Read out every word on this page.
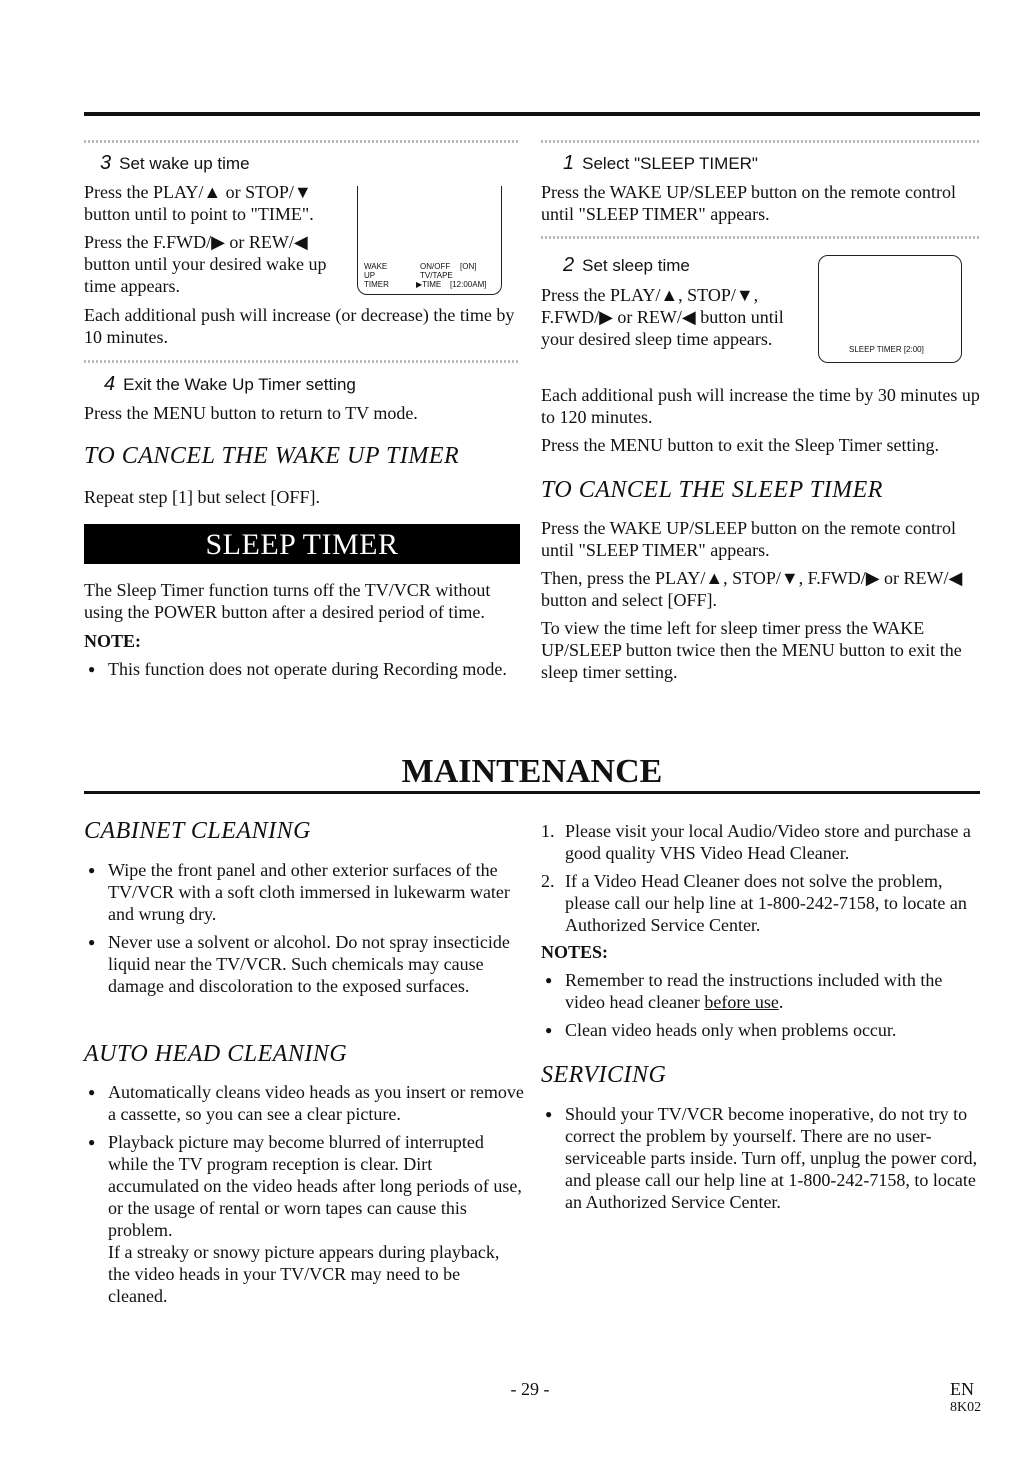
3 Set wake up time

Press the PLAY/▲ or STOP/▼ button until to point to "TIME".

Press the F.FWD/▶ or REW/◀ button until your desired wake up time appears.

WAKE UP TIMER
ON/OFF [ON]
TV/TAPE
▶TIME [12:00AM]

Each additional push will increase (or decrease) the time by 10 minutes.

4 Exit the Wake Up Timer setting
Press the MENU button to return to TV mode.
TO CANCEL THE WAKE UP TIMER
Repeat step [1] but select [OFF].
SLEEP TIMER
The Sleep Timer function turns off the TV/VCR without using the POWER button after a desired period of time.
NOTE:
● This function does not operate during Recording mode.
1 Select "SLEEP TIMER"
Press the WAKE UP/SLEEP button on the remote control until "SLEEP TIMER" appears.
2 Set sleep time
Press the PLAY/▲, STOP/▼, F.FWD/▶ or REW/◀ button until your desired sleep time appears.
SLEEP TIMER [2:00]
Each additional push will increase the time by 30 minutes up to 120 minutes.
Press the MENU button to exit the Sleep Timer setting.
TO CANCEL THE SLEEP TIMER

Press the WAKE UP/SLEEP button on the remote control until "SLEEP TIMER" appears.

Then, press the PLAY/▲, STOP/▼, F.FWD/▶ or REW/◀ button and select [OFF].

To view the time left for sleep timer press the WAKE UP/SLEEP button twice then the MENU button to exit the sleep timer setting.

MAINTENANCE
CABINET CLEANING
● Wipe the front panel and other exterior surfaces of the TV/VCR with a soft cloth immersed in lukewarm water and wrung dry.
● Never use a solvent or alcohol. Do not spray insecticide liquid near the TV/VCR. Such chemicals may cause damage and discoloration to the exposed surfaces.
AUTO HEAD CLEANING
● Automatically cleans video heads as you insert or remove a cassette, so you can see a clear picture.
● Playback picture may become blurred of interrupted while the TV program reception is clear. Dirt accumulated on the video heads after long periods of use, or the usage of rental or worn tapes can cause this problem.
If a streaky or snowy picture appears during playback, the video heads in your TV/VCR may need to be cleaned.
1. Please visit your local Audio/Video store and purchase a good quality VHS Video Head Cleaner.
2. If a Video Head Cleaner does not solve the problem, please call our help line at 1-800-242-7158, to locate an Authorized Service Center.
NOTES:
● Remember to read the instructions included with the video head cleaner before use.
● Clean video heads only when problems occur.
SERVICING
● Should your TV/VCR become inoperative, do not try to correct the problem by yourself. There are no user-serviceable parts inside. Turn off, unplug the power cord, and please call our help line at 1-800-242-7158, to locate an Authorized Service Center.
- 29 -	EN
8K02
